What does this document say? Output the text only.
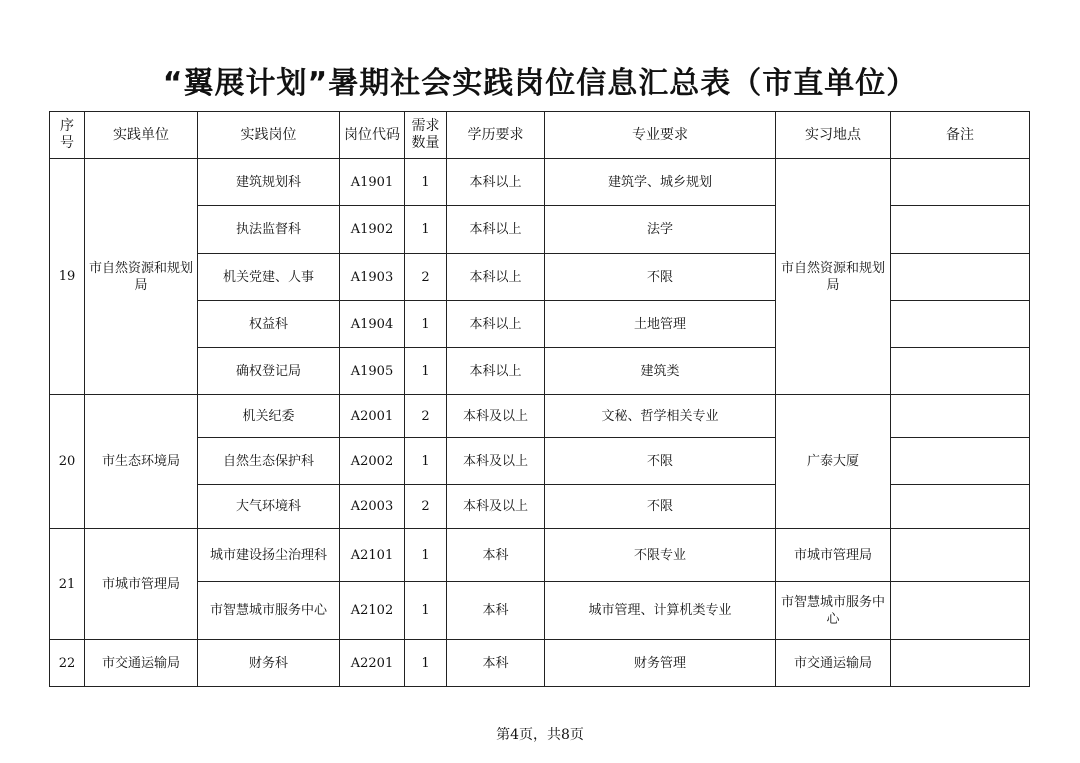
“翼展计划”暑期社会实践岗位信息汇总表（市直单位）
序号	实践单位	实践岗位	岗位代码	需求数量	学历要求	专业要求	实习地点	备注
19	市自然资源和规划局	建筑规划科	A1901	1	本科以上	建筑学、城乡规划	市自然资源和规划局	
		执法监督科	A1902	1	本科以上	法学		
		机关党建、人事	A1903	2	本科以上	不限		
		权益科	A1904	1	本科以上	土地管理		
		确权登记局	A1905	1	本科以上	建筑类		
20	市生态环境局	机关纪委	A2001	2	本科及以上	文秘、哲学相关专业	广泰大厦	
		自然生态保护科	A2002	1	本科及以上	不限		
		大气环境科	A2003	2	本科及以上	不限		
21	市城市管理局	城市建设扬尘治理科	A2101	1	本科	不限专业	市城市管理局	
		市智慧城市服务中心	A2102	1	本科	城市管理、计算机类专业	市智慧城市服务中心	
22	市交通运输局	财务科	A2201	1	本科	财务管理	市交通运输局	
第4页，共8页
